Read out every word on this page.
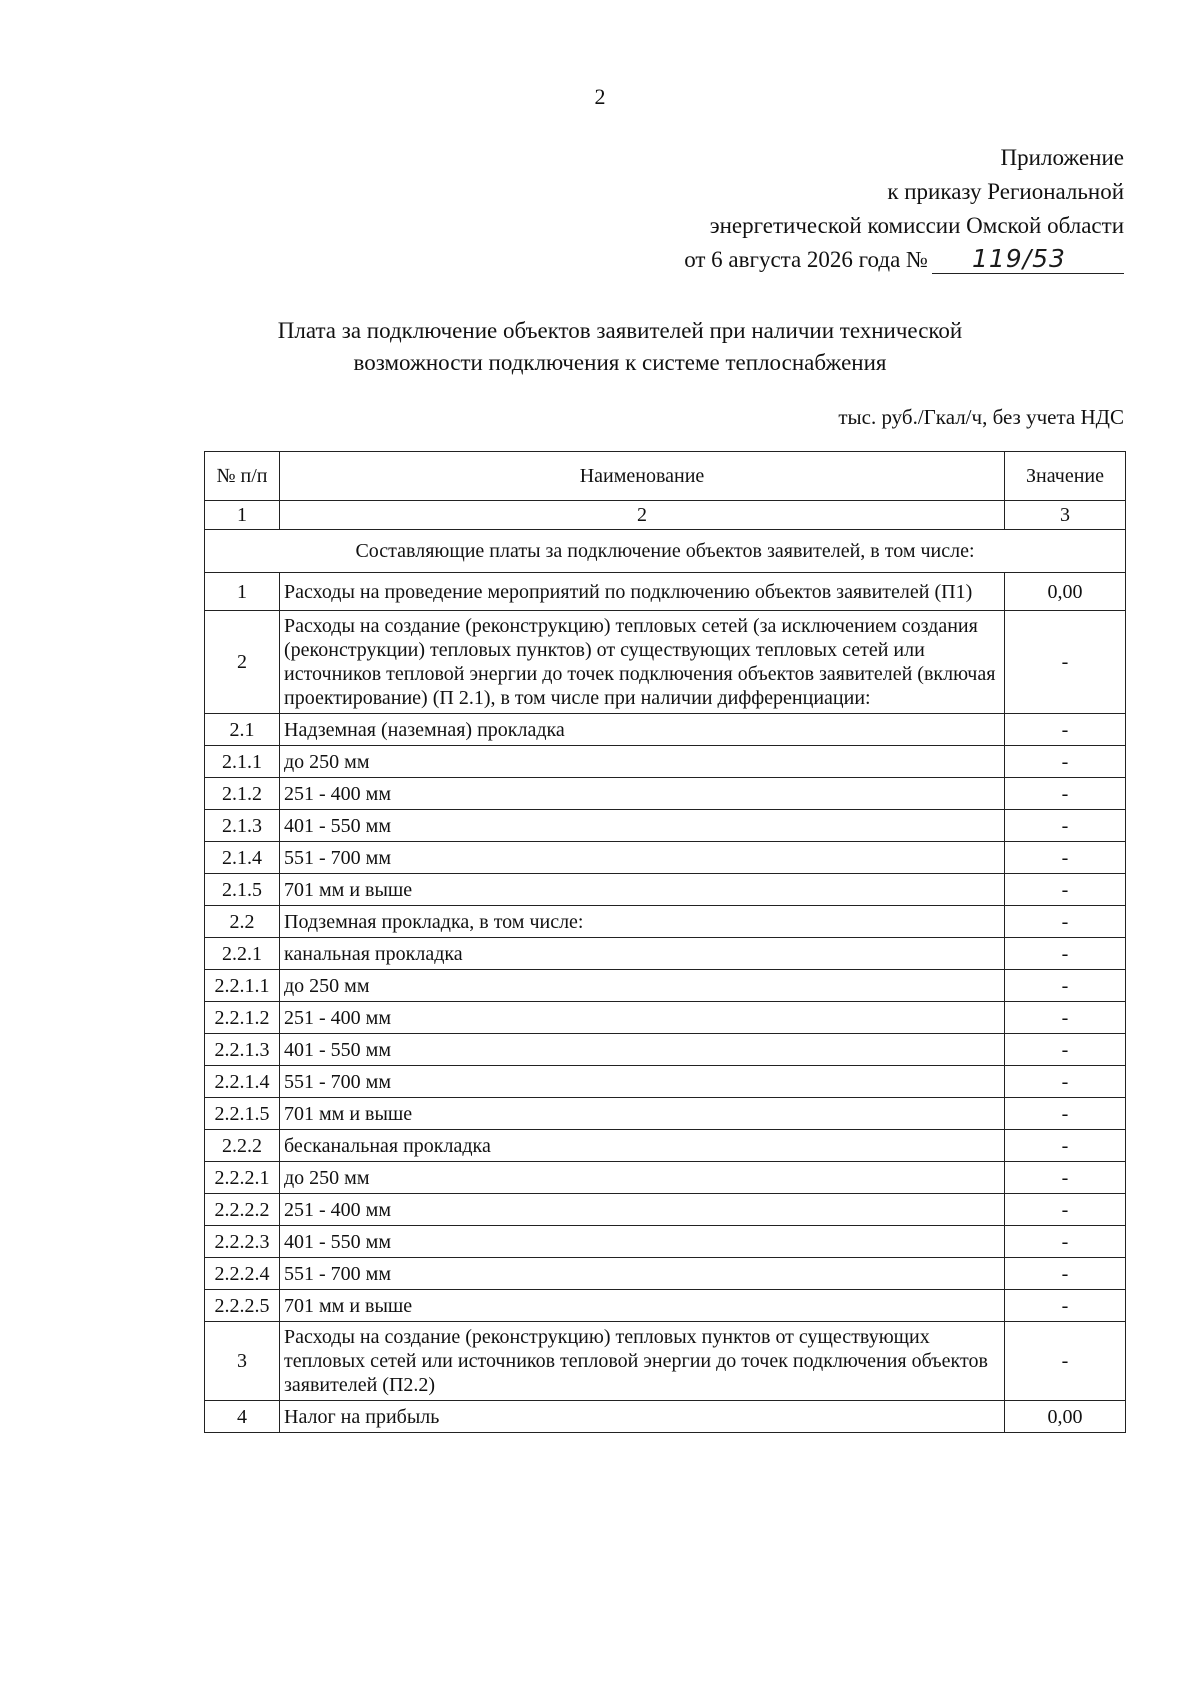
2
Приложение
к приказу Региональной
энергетической комиссии Омской области
от 6 августа 2026 года №	119/53
Плата за подключение объектов заявителей при наличии технической
возможности подключения к системе теплоснабжения
тыс. руб./Гкал/ч, без учета НДС
№ п/п	Наименование	Значение
1	2	3
Составляющие платы за подключение объектов заявителей, в том числе:		
1	Расходы на проведение мероприятий по подключению объектов заявителей (П1)	0,00
2	Расходы на создание (реконструкцию) тепловых сетей (за исключением создания (реконструкции) тепловых пунктов) от существующих тепловых сетей или источников тепловой энергии до точек подключения объектов заявителей (включая проектирование) (П 2.1), в том числе при наличии дифференциации:	-
2.1	Надземная (наземная) прокладка	-
2.1.1	до 250 мм	-
2.1.2	251 - 400 мм	-
2.1.3	401 - 550 мм	-
2.1.4	551 - 700 мм	-
2.1.5	701 мм и выше	-
2.2	Подземная прокладка, в том числе:	-
2.2.1	канальная прокладка	-
2.2.1.1	до 250 мм	-
2.2.1.2	251 - 400 мм	-
2.2.1.3	401 - 550 мм	-
2.2.1.4	551 - 700 мм	-
2.2.1.5	701 мм и выше	-
2.2.2	бесканальная прокладка	-
2.2.2.1	до 250 мм	-
2.2.2.2	251 - 400 мм	-
2.2.2.3	401 - 550 мм	-
2.2.2.4	551 - 700 мм	-
2.2.2.5	701 мм и выше	-
3	Расходы на создание (реконструкцию) тепловых пунктов от существующих тепловых сетей или источников тепловой энергии до точек подключения объектов заявителей (П2.2)	-
4	Налог на прибыль	0,00
